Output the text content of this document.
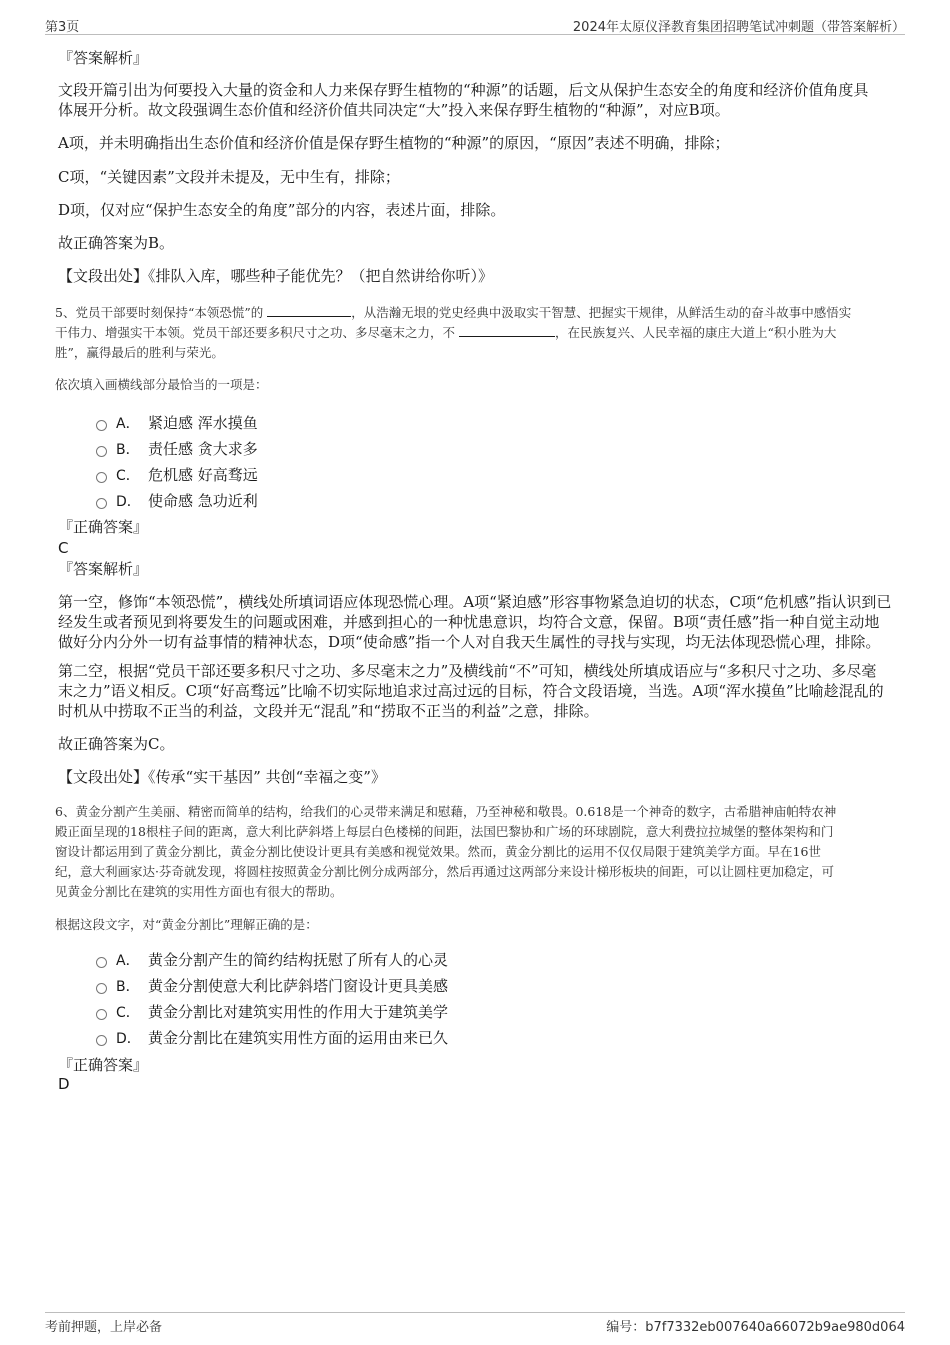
第3页	2024年太原仪泽教育集团招聘笔试冲刺题（带答案解析）

『答案解析』

文段开篇引出为何要投入大量的资金和人力来保存野生植物的“种源”的话题，后文从保护生态安全的角度和经济价值角度具

体展开分析。故文段强调生态价值和经济价值共同决定“大”投入来保存野生植物的“种源”，对应B项。

A项，并未明确指出生态价值和经济价值是保存野生植物的“种源”的原因，“原因”表述不明确，排除；

C项，“关键因素”文段并未提及，无中生有，排除；

D项，仅对应“保护生态安全的角度”部分的内容，表述片面，排除。

故正确答案为B。

【文段出处】《排队入库，哪些种子能优先？（把自然讲给你听）》

5、党员干部要时刻保持“本领恐慌”的	，从浩瀚无垠的党史经典中汲取实干智慧、把握实干规律，从鲜活生动的奋斗故事中感悟实

干伟力、增强实干本领。党员干部还要多积尺寸之功、多尽毫末之力，不	，在民族复兴、人民幸福的康庄大道上“积小胜为大

胜”，赢得最后的胜利与荣光。

依次填入画横线部分最恰当的一项是：

A． 紧迫感 浑水摸鱼
B． 责任感 贪大求多
C． 危机感 好高骛远
D． 使命感 急功近利

『正确答案』

C

『答案解析』

第一空，修饰“本领恐慌”，横线处所填词语应体现恐慌心理。A项“紧迫感”形容事物紧急迫切的状态，C项“危机感”指认识到已

经发生或者预见到将要发生的问题或困难，并感到担心的一种忧患意识，均符合文意，保留。B项“责任感”指一种自觉主动地

做好分内分外一切有益事情的精神状态，D项“使命感”指一个人对自我天生属性的寻找与实现，均无法体现恐慌心理，排除。

第二空，根据“党员干部还要多积尺寸之功、多尽毫末之力”及横线前“不”可知，横线处所填成语应与“多积尺寸之功、多尽毫

末之力”语义相反。C项“好高骛远”比喻不切实际地追求过高过远的目标，符合文段语境，当选。A项“浑水摸鱼”比喻趁混乱的

时机从中捞取不正当的利益，文段并无“混乱”和“捞取不正当的利益”之意，排除。

故正确答案为C。

【文段出处】《传承“实干基因” 共创“幸福之变”》

6、黄金分割产生美丽、精密而简单的结构，给我们的心灵带来满足和慰藉，乃至神秘和敬畏。0.618是一个神奇的数字，古希腊神庙帕特农神

殿正面呈现的18根柱子间的距离，意大利比萨斜塔上每层白色楼梯的间距，法国巴黎协和广场的环球剧院，意大利费拉拉城堡的整体架构和门

窗设计都运用到了黄金分割比，黄金分割比使设计更具有美感和视觉效果。然而，黄金分割比的运用不仅仅局限于建筑美学方面。早在16世

纪，意大利画家达·芬奇就发现，将圆柱按照黄金分割比例分成两部分，然后再通过这两部分来设计梯形板块的间距，可以让圆柱更加稳定，可

见黄金分割比在建筑的实用性方面也有很大的帮助。

根据这段文字，对“黄金分割比”理解正确的是：

A． 黄金分割产生的简约结构抚慰了所有人的心灵
B． 黄金分割使意大利比萨斜塔门窗设计更具美感
C． 黄金分割比对建筑实用性的作用大于建筑美学
D． 黄金分割比在建筑实用性方面的运用由来已久

『正确答案』

D

考前押题，上岸必备	编号：b7f7332eb007640a66072b9ae980d064
